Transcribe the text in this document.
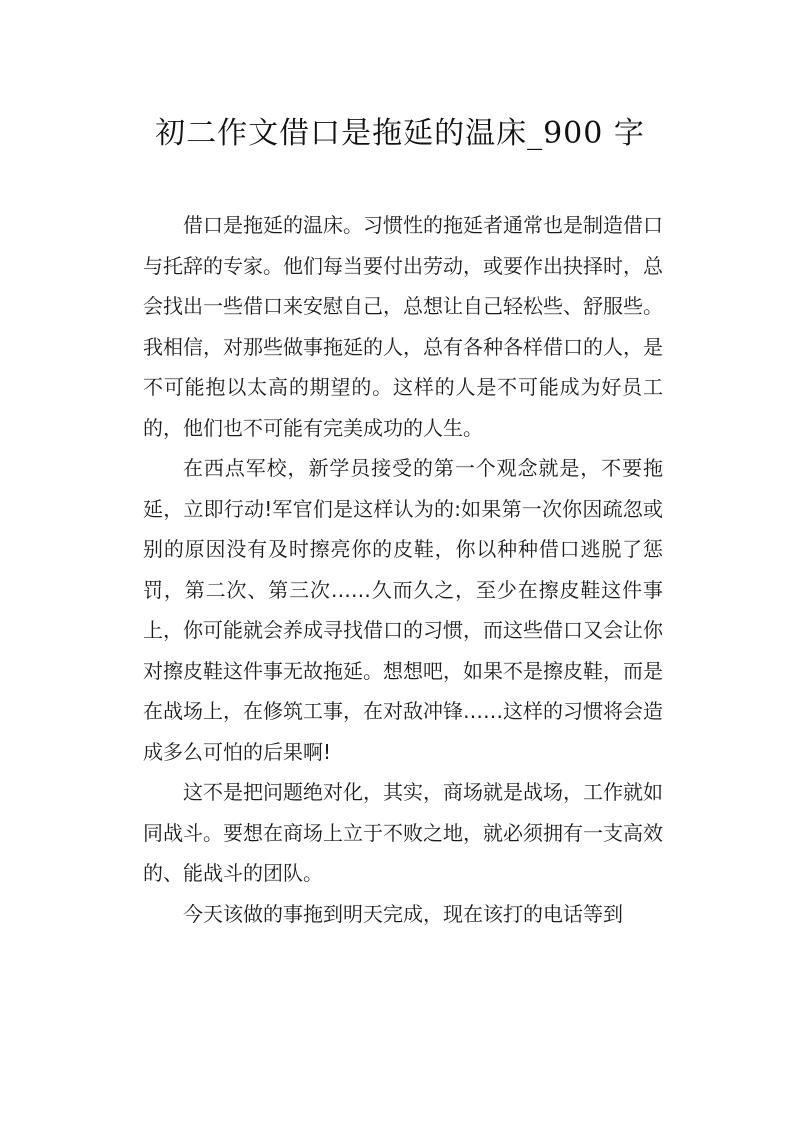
初二作文借口是拖延的温床_900 字

借口是拖延的温床。习惯性的拖延者通常也是制造借口与托辞的专家。他们每当要付出劳动，或要作出抉择时，总会找出一些借口来安慰自己，总想让自己轻松些、舒服些。我相信，对那些做事拖延的人，总有各种各样借口的人，是不可能抱以太高的期望的。这样的人是不可能成为好员工的，他们也不可能有完美成功的人生。

在西点军校，新学员接受的第一个观念就是，不要拖延，立即行动!军官们是这样认为的:如果第一次你因疏忽或别的原因没有及时擦亮你的皮鞋，你以种种借口逃脱了惩罚，第二次、第三次……久而久之，至少在擦皮鞋这件事上，你可能就会养成寻找借口的习惯，而这些借口又会让你对擦皮鞋这件事无故拖延。想想吧，如果不是擦皮鞋，而是在战场上，在修筑工事，在对敌冲锋……这样的习惯将会造成多么可怕的后果啊!

这不是把问题绝对化，其实，商场就是战场，工作就如同战斗。要想在商场上立于不败之地，就必须拥有一支高效的、能战斗的团队。

今天该做的事拖到明天完成，现在该打的电话等到
